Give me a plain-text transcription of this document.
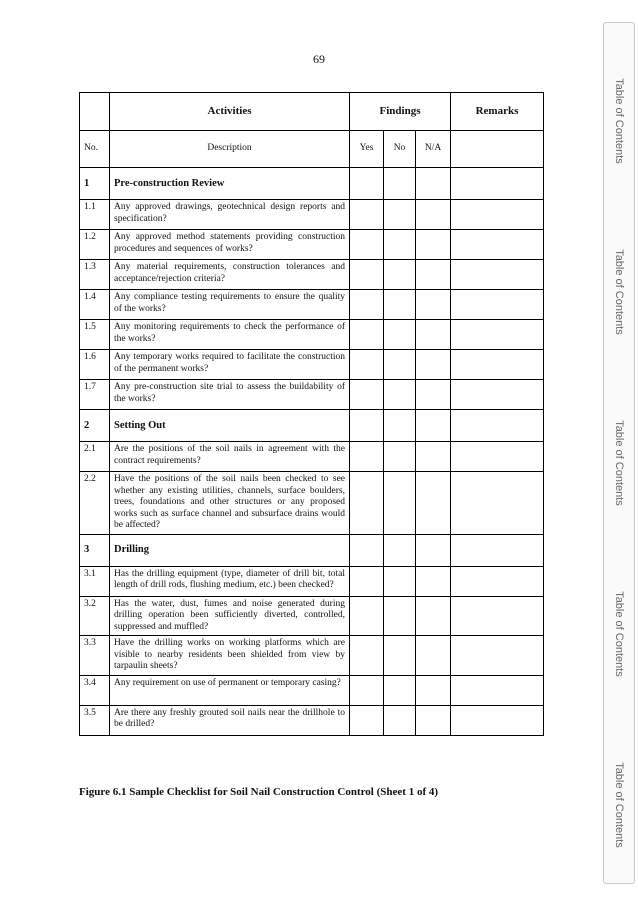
69
	Activities	Findings			Remarks
No.	Description	Yes	No	N/A	
1	Pre-construction Review				
1.1	Any approved drawings, geotechnical design reports and specification?				
1.2	Any approved method statements providing construction procedures and sequences of works?				
1.3	Any material requirements, construction tolerances and acceptance/rejection criteria?				
1.4	Any compliance testing requirements to ensure the quality of the works?				
1.5	Any monitoring requirements to check the performance of the works?				
1.6	Any temporary works required to facilitate the construction of the permanent works?				
1.7	Any pre-construction site trial to assess the buildability of the works?				
2	Setting Out				
2.1	Are the positions of the soil nails in agreement with the contract requirements?				
2.2	Have the positions of the soil nails been checked to see whether any existing utilities, channels, surface boulders, trees, foundations and other structures or any proposed works such as surface channel and subsurface drains would be affected?				
3	Drilling				
3.1	Has the drilling equipment (type, diameter of drill bit, total length of drill rods, flushing medium, etc.) been checked?				
3.2	Has the water, dust, fumes and noise generated during drilling operation been sufficiently diverted, controlled, suppressed and muffled?				
3.3	Have the drilling works on working platforms which are visible to nearby residents been shielded from view by tarpaulin sheets?				
3.4	Any requirement on use of permanent or temporary casing?				
3.5	Are there any freshly grouted soil nails near the drillhole to be drilled?				
Figure 6.1 Sample Checklist for Soil Nail Construction Control (Sheet 1 of 4)
Table of Contents
Table of Contents
Table of Contents
Table of Contents
Table of Contents
